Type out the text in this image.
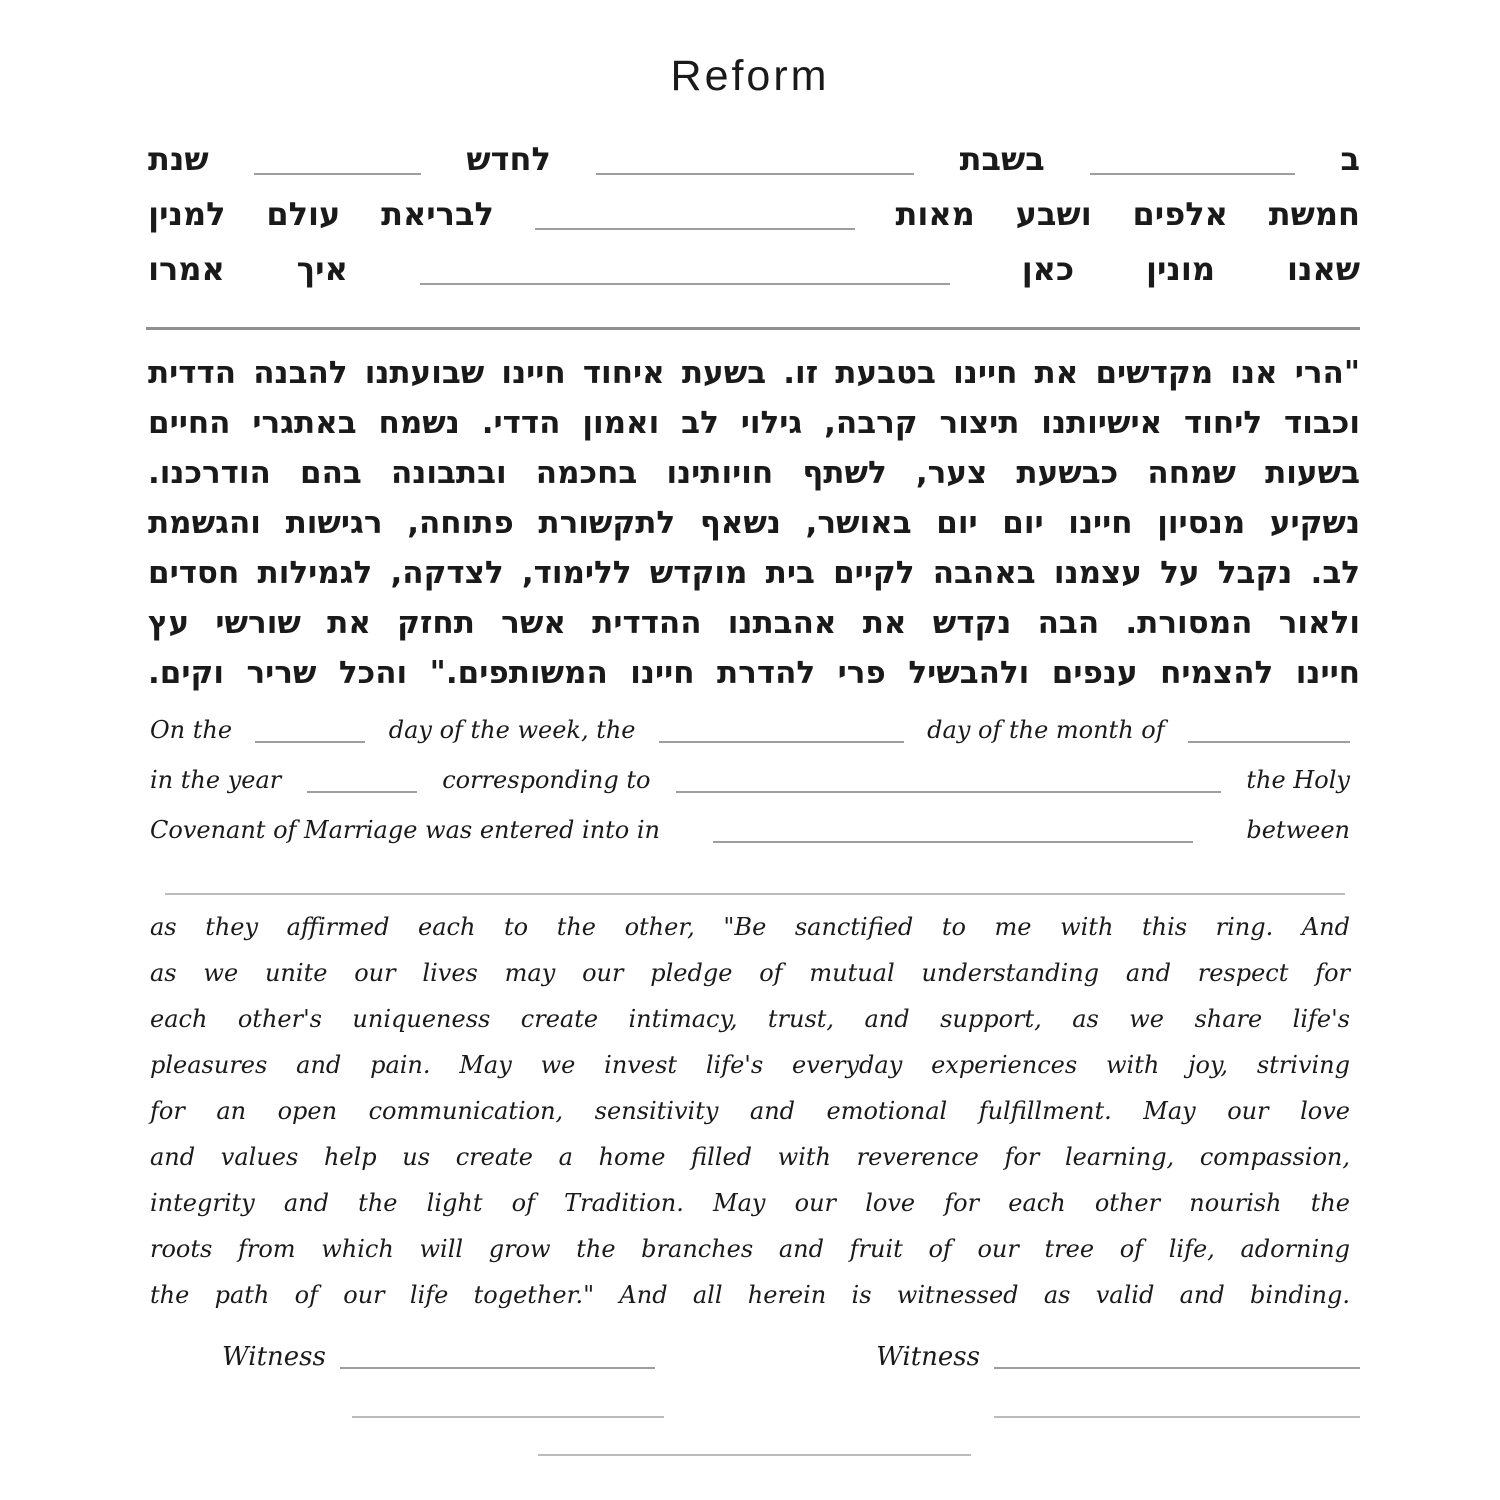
Reform
ב
בשבת
לחדש
שנת
חמשת
אלפים
ושבע
מאות
לבריאת
עולם
למנין
שאנו
מונין
כאן
איך
אמרו
"הרי אנו מקדשים את חיינו בטבעת זו. בשעת איחוד חיינו שבועתנו להבנה הדדית
וכבוד ליחוד אישיותנו תיצור קרבה, גילוי לב ואמון הדדי. נשמח באתגרי החיים
בשעות שמחה כבשעת צער, לשתף חויותינו בחכמה ובתבונה בהם הודרכנו.
נשקיע מנסיון חיינו יום יום באושר, נשאף לתקשורת פתוחה, רגישות והגשמת
לב. נקבל על עצמנו באהבה לקיים בית מוקדש ללימוד, לצדקה, לגמילות חסדים
ולאור המסורת. הבה נקדש את אהבתנו ההדדית אשר תחזק את שורשי עץ
חיינו להצמיח ענפים ולהבשיל פרי להדרת חיינו המשותפים." והכל שריר וקים.
On the	day of the week, the	day of the month of
in the year	corresponding to	the Holy
Covenant of Marriage was entered into in	between
as they affirmed each to the other, "Be sanctified to me with this ring. And
as we unite our lives may our pledge of mutual understanding and respect for
each other's uniqueness create intimacy, trust, and support, as we share life's
pleasures and pain. May we invest life's everyday experiences with joy, striving
for an open communication, sensitivity and emotional fulfillment. May our love
and values help us create a home filled with reverence for learning, compassion,
integrity and the light of Tradition. May our love for each other nourish the
roots from which will grow the branches and fruit of our tree of life, adorning
the path of our life together." And all herein is witnessed as valid and binding.
Witness	Witness
